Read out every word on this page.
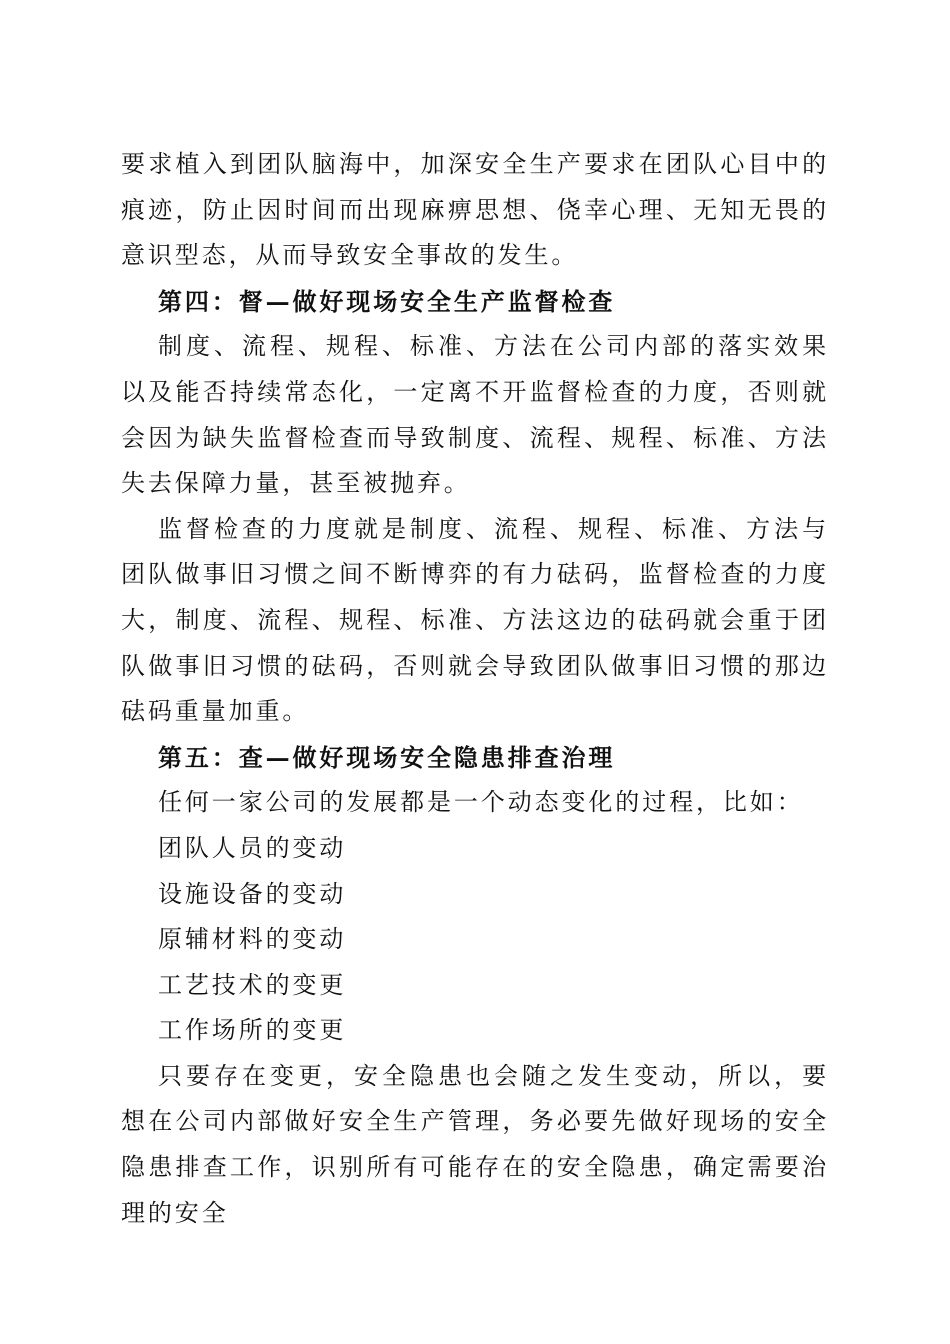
要求植入到团队脑海中，加深安全生产要求在团队心目中的痕迹，防止因时间而出现麻痹思想、侥幸心理、无知无畏的意识型态，从而导致安全事故的发生。

第四：督—做好现场安全生产监督检查

制度、流程、规程、标准、方法在公司内部的落实效果以及能否持续常态化，一定离不开监督检查的力度，否则就会因为缺失监督检查而导致制度、流程、规程、标准、方法失去保障力量，甚至被抛弃。

监督检查的力度就是制度、流程、规程、标准、方法与团队做事旧习惯之间不断博弈的有力砝码，监督检查的力度大，制度、流程、规程、标准、方法这边的砝码就会重于团队做事旧习惯的砝码，否则就会导致团队做事旧习惯的那边砝码重量加重。

第五：查—做好现场安全隐患排查治理

任何一家公司的发展都是一个动态变化的过程，比如：

团队人员的变动

设施设备的变动

原辅材料的变动

工艺技术的变更

工作场所的变更

只要存在变更，安全隐患也会随之发生变动，所以，要想在公司内部做好安全生产管理，务必要先做好现场的安全隐患排查工作，识别所有可能存在的安全隐患，确定需要治理的安全
